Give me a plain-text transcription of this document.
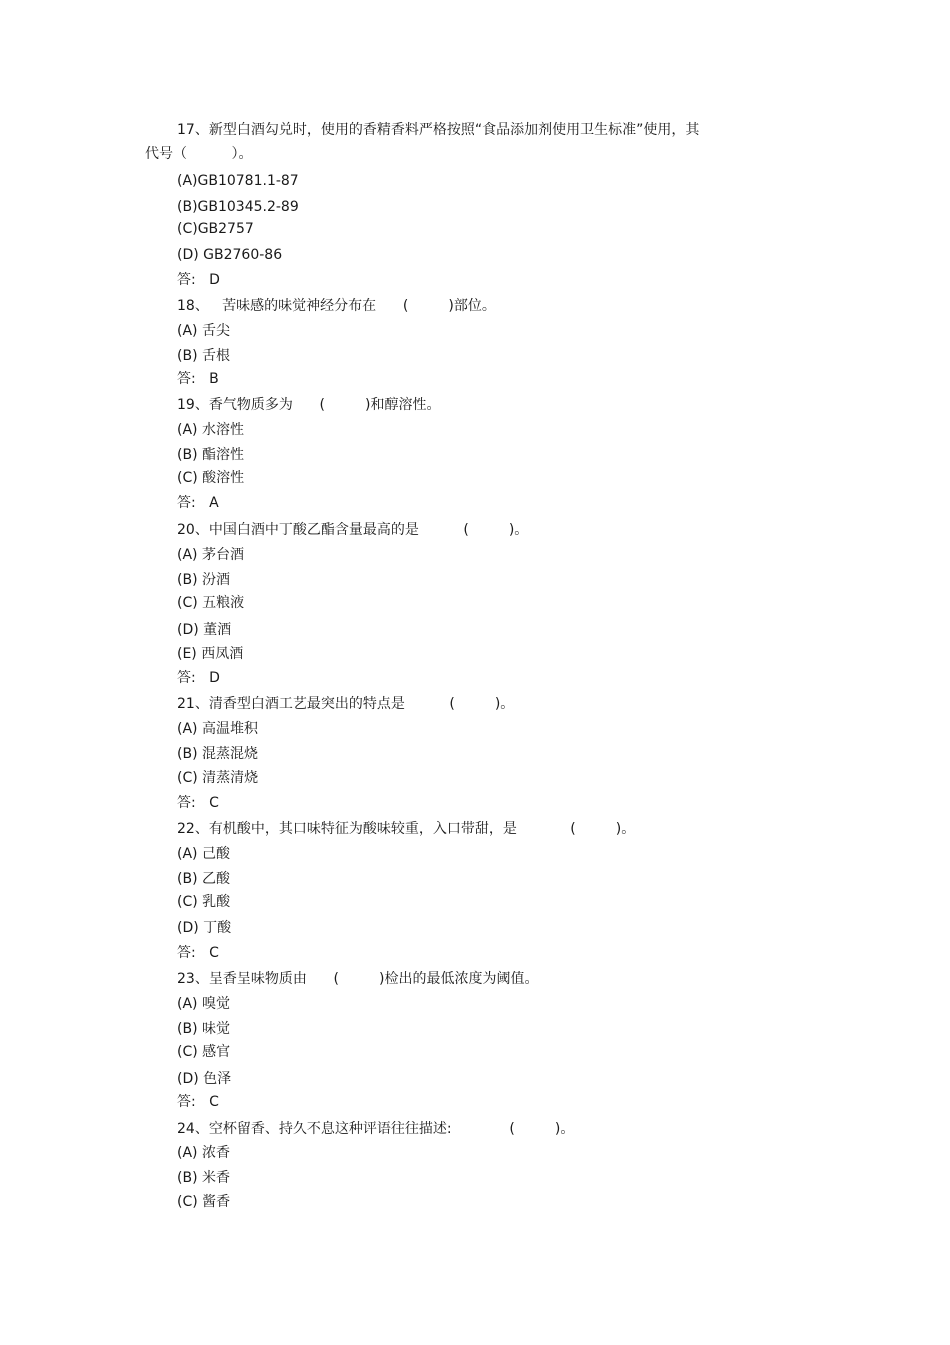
17、新型白酒勾兑时，使用的香精香料严格按照“食品添加剂使用卫生标准”使用，其
代号（          ）。
(A)GB10781.1-87
(B)GB10345.2-89
(C)GB2757
(D) GB2760-86
答:   D
18、   苦味感的味觉神经分布在      (         )部位。
(A) 舌尖
(B) 舌根
答:   B
19、香气物质多为      (         )和醇溶性。
(A) 水溶性
(B) 酯溶性
(C) 酸溶性
答:   A
20、中国白酒中丁酸乙酯含量最高的是          (         )。
(A) 茅台酒
(B) 汾酒
(C) 五粮液
(D) 董酒
(E) 西凤酒
答:   D
21、清香型白酒工艺最突出的特点是          (         )。
(A) 高温堆积
(B) 混蒸混烧
(C) 清蒸清烧
答:   C
22、有机酸中，其口味特征为酸味较重，入口带甜，是            (         )。
(A) 己酸
(B) 乙酸
(C) 乳酸
(D) 丁酸
答:   C
23、呈香呈味物质由      (         )检出的最低浓度为阈值。
(A) 嗅觉
(B) 味觉
(C) 感官
(D) 色泽
答:   C
24、空杯留香、持久不息这种评语往往描述:             (         )。
(A) 浓香
(B) 米香
(C) 酱香
